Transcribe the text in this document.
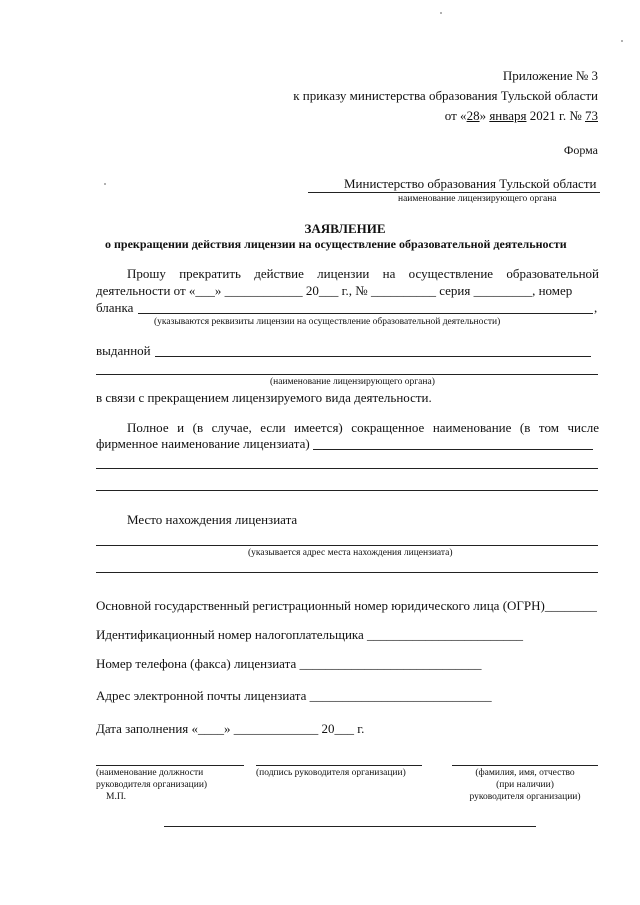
Приложение № 3
к приказу министерства образования Тульской области
от «28» января 2021 г. № 73
Форма
Министерство образования Тульской области
наименование лицензирующего органа
ЗАЯВЛЕНИЕ
о прекращении действия лицензии на осуществление образовательной деятельности
Прошу прекратить действие лицензии на осуществление образовательной
деятельности от «___» ____________ 20___ г., № __________ серия _________, номер
бланка	,
(указываются реквизиты лицензии на осуществление образовательной деятельности)
выданной
(наименование лицензирующего органа)
в связи с прекращением лицензируемого вида деятельности.
Полное и (в случае, если имеется) сокращенное наименование (в том числе
фирменное наименование лицензиата)
Место нахождения лицензиата
(указывается адрес места нахождения лицензиата)
Основной государственный регистрационный номер юридического лица (ОГРН)________
Идентификационный номер налогоплательщика ________________________
Номер телефона (факса) лицензиата ____________________________
Адрес электронной почты лицензиата ____________________________
Дата заполнения «____» _____________ 20___ г.
(наименование должности
руководителя организации)
М.П.
(подпись руководителя организации)	(фамилия, имя, отчество
(при наличии)
руководителя организации)
